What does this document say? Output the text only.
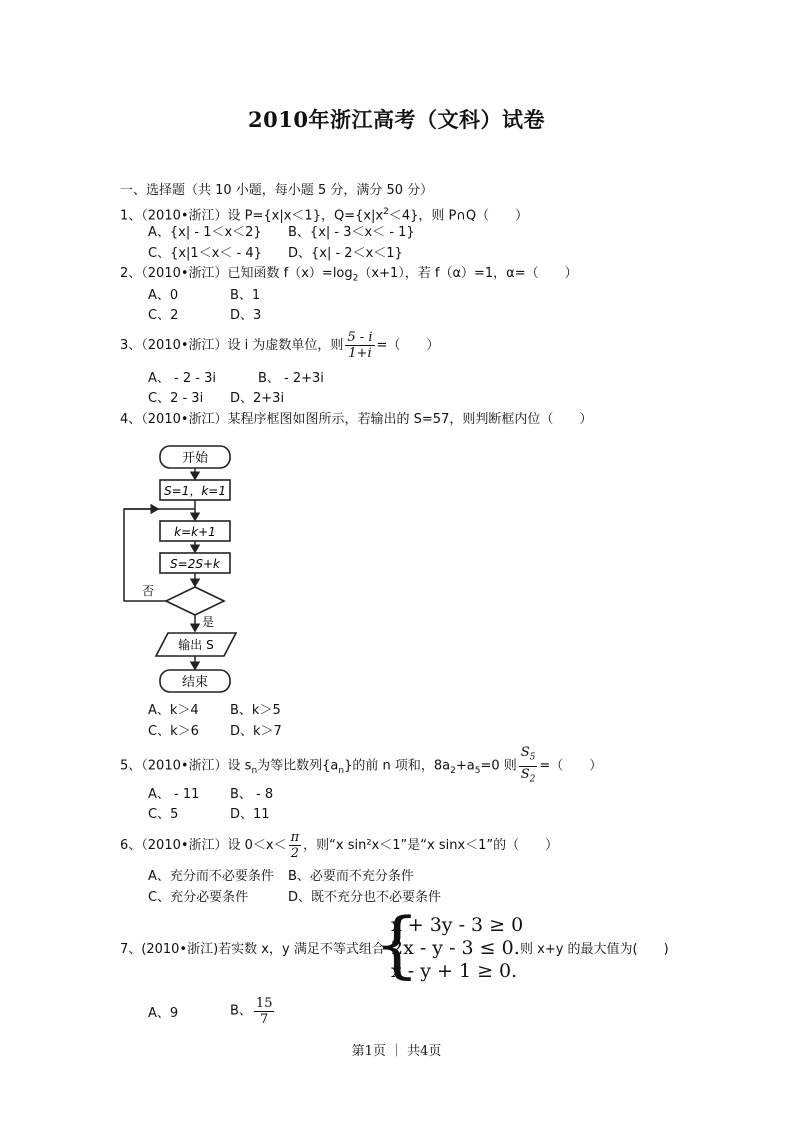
2010年浙江高考（文科）试卷
一、选择题（共 10 小题，每小题 5 分，满分 50 分）
1、（2010•浙江）设 P={x|x＜1}，$Q=\{x|x^2<4\}$，则 P∩Q（　　）
A、{x| - 1＜x＜2} B、{x| - 3＜x＜ - 1}
C、{x|1＜x＜ - 4} D、{x| - 2＜x＜1}
2、（2010•浙江）已知函数 $f(x)=\log_2(x+1)$，若 f（α）=1，α=（　　）
A、0	B、1
C、2	D、3
3、（2010•浙江）设 i 为虚数单位，则 $\frac{5 - i}{1+i}$ =（　　）
A、 - 2 - 3i	B、 - 2+3i
C、2 - 3i D、2+3i
4、（2010•浙江）某程序框图如图所示，若输出的 S=57，则判断框内位（　　）
开始
S=1，k=1
k=k+1
S=2S+k
否
是
输出 S
结束
A、k＞4 B、k＞5
C、k＞6 D、k＞7
5、（2010•浙江）设 $s_n$为等比数列$\{a_n\}$的前 n 项和，$8a_2+a_5=0$ 则 $\frac{S_5}{S_2}$ =（　　）
A、 - 11 B、 - 8
C、5	D、11
6、（2010•浙江）设 $0<x< \frac{\pi}{2}$ ，则“x sin²x＜1”是“x sinx＜1”的（　　）
A、充分而不必要条件 B、必要而不充分条件
C、充分必要条件	D、既不充分也不必要条件
7、(2010•浙江)若实数 x，y 满足不等式组合
{
x + 3y - 3 ≥ 0
2x - y - 3 ≤ 0.
x - y + 1 ≥ 0.
则 x+y 的最大值为(　　)
A、9	B、 $\frac{15}{7}$
第1页 ｜ 共4页
